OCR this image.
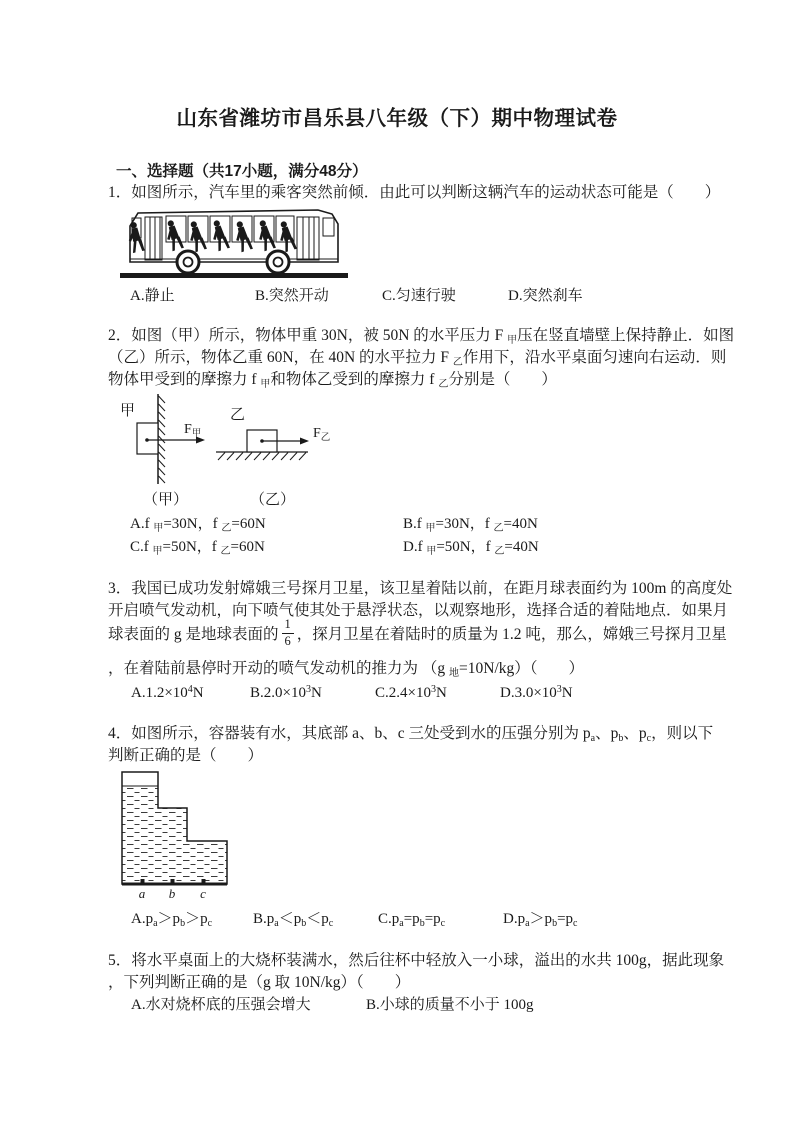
山东省潍坊市昌乐县八年级（下）期中物理试卷
一、选择题（共17小题，满分48分）
1．如图所示，汽车里的乘客突然前倾．由此可以判断这辆汽车的运动状态可能是（　　）
A.静止	B.突然开动	C.匀速行驶	D.突然刹车
2．如图（甲）所示，物体甲重 30N，被 50N 的水平压力 F $_甲$压在竖直墙壁上保持静止．如图
（乙）所示，物体乙重 60N，在 40N 的水平拉力 F $_乙$作用下，沿水平桌面匀速向右运动．则
物体甲受到的摩擦力 f $_甲$和物体乙受到的摩擦力 f $_乙$分别是（　　）
甲
F甲
乙
F乙
（甲）	（乙）
A.f $_甲$=30N，f $_乙$=60N	B.f $_甲$=30N，f $_乙$=40N
C.f $_甲$=50N，f $_乙$=60N	D.f $_甲$=50N，f $_乙$=40N
3．我国已成功发射嫦娥三号探月卫星，该卫星着陆以前，在距月球表面约为 100m 的高度处
开启喷气发动机，向下喷气使其处于悬浮状态，以观察地形，选择合适的着陆地点．如果月
球表面的 g 是地球表面的 $\frac{1}{6}$ ，探月卫星在着陆时的质量为 1.2 吨，那么，嫦娥三号探月卫星
，在着陆前悬停时开动的喷气发动机的推力为 （g $_地$=10N/kg）（　　）
$A.1.2\times 10^4N$	$B.2.0\times 10^3N$	$C.2.4\times 10^3N$	$D.3.0\times 10^3N$
4．如图所示，容器装有水，其底部 a、b、c 三处受到水的压强分别为 $p_a$、$p_b$、$p_c$，则以下
判断正确的是（　　）
a b c
$A.p_a>p_b>p_c$	$B.p_a<p_b<p_c$	$C.p_a=p_b=p_c$	$D.p_a>p_b=p_c$
5．将水平桌面上的大烧杯装满水，然后往杯中轻放入一小球，溢出的水共 100g，据此现象
，下列判断正确的是（g 取 10N/kg）（　　）
A.水对烧杯底的压强会增大	B.小球的质量不小于 100g
